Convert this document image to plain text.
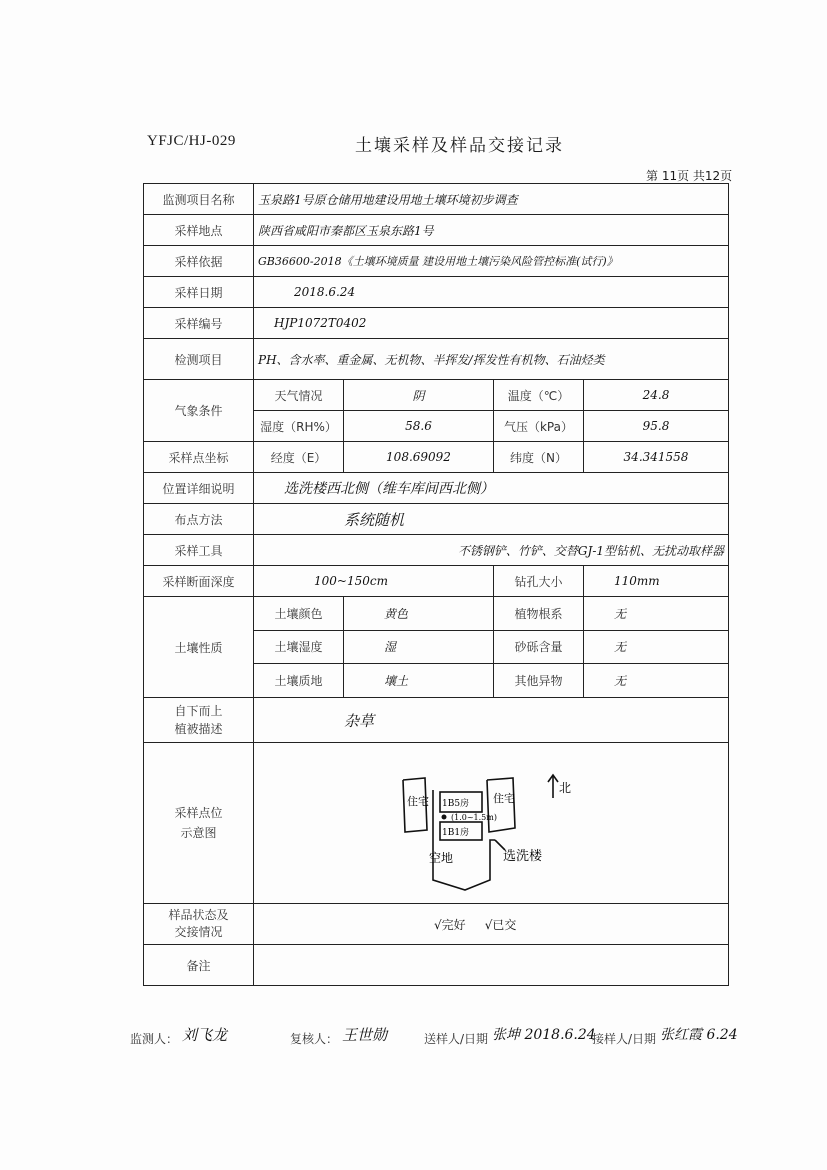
YFJC/HJ-029	土壤采样及样品交接记录
第 11页 共12页
监测项目名称	玉泉路1号原仓储用地建设用地土壤环境初步调查			
采样地点	陕西省咸阳市秦都区玉泉东路1号			
采样依据	GB36600-2018《土壤环境质量 建设用地土壤污染风险管控标准(试行)》			
采样日期	2018.6.24			
采样编号	HJP1072T0402			
检测项目	PH、含水率、重金属、无机物、半挥发/挥发性有机物、石油烃类			
气象条件	天气情况	阴	温度（℃）	24.8
	湿度（RH%）	58.6	气压（kPa）	95.8
采样点坐标	经度（E）	108.69092	纬度（N）	34.341558
位置详细说明	选洗楼西北侧（维车库间西北侧）			
布点方法	系统随机			
采样工具	不锈钢铲、竹铲、交替GJ-1型钻机、无扰动取样器			
采样断面深度	100~150cm		钻孔大小	110mm
土壤性质	土壤颜色	黄色	植物根系	无
	土壤湿度	湿	砂砾含量	无
	土壤质地	壤土	其他异物	无

自下而上
植被描述	杂草			

采样点位
示意图				

样品状态及
交接情况	√完好 √已交			
备注				
住宅	住宅
1B5房
1B1房
(1.0~1.5m)
北
空地	选洗楼
监测人： 刘飞龙	复核人： 王世勋	送样人/日期 张坤 2018.6.24
接样人/日期 张红霞 6.24
